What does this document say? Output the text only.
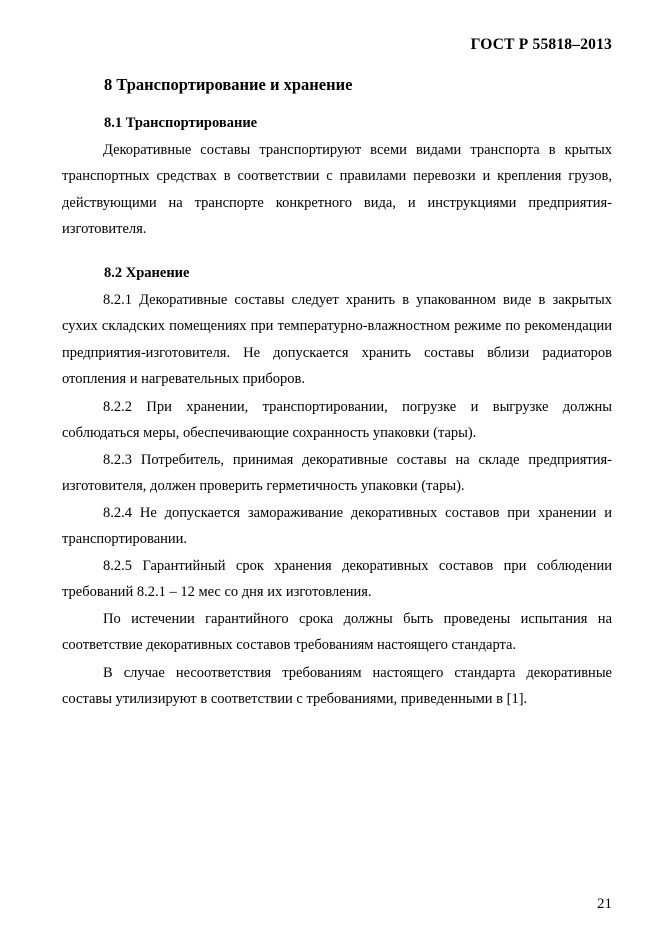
ГОСТ Р 55818–2013
8 Транспортирование и хранение
8.1 Транспортирование

Декоративные составы транспортируют всеми видами транспорта в крытых транспортных средствах в соответствии с правилами перевозки и крепления грузов, действующими на транспорте конкретного вида, и инструкциями предприятия-изготовителя.

8.2 Хранение

8.2.1 Декоративные составы следует хранить в упакованном виде в закрытых сухих складских помещениях при температурно-влажностном режиме по рекомендации предприятия-изготовителя. Не допускается хранить составы вблизи радиаторов отопления и нагревательных приборов.

8.2.2 При хранении, транспортировании, погрузке и выгрузке должны соблюдаться меры, обеспечивающие сохранность упаковки (тары).

8.2.3 Потребитель, принимая декоративные составы на складе предприятия-изготовителя, должен проверить герметичность упаковки (тары).

8.2.4 Не допускается замораживание декоративных составов при хранении и транспортировании.

8.2.5 Гарантийный срок хранения декоративных составов при соблюдении требований 8.2.1 – 12 мес со дня их изготовления.

По истечении гарантийного срока должны быть проведены испытания на соответствие декоративных составов требованиям настоящего стандарта.

В случае несоответствия требованиям настоящего стандарта декоративные составы утилизируют в соответствии с требованиями, приведенными в [1].

21
